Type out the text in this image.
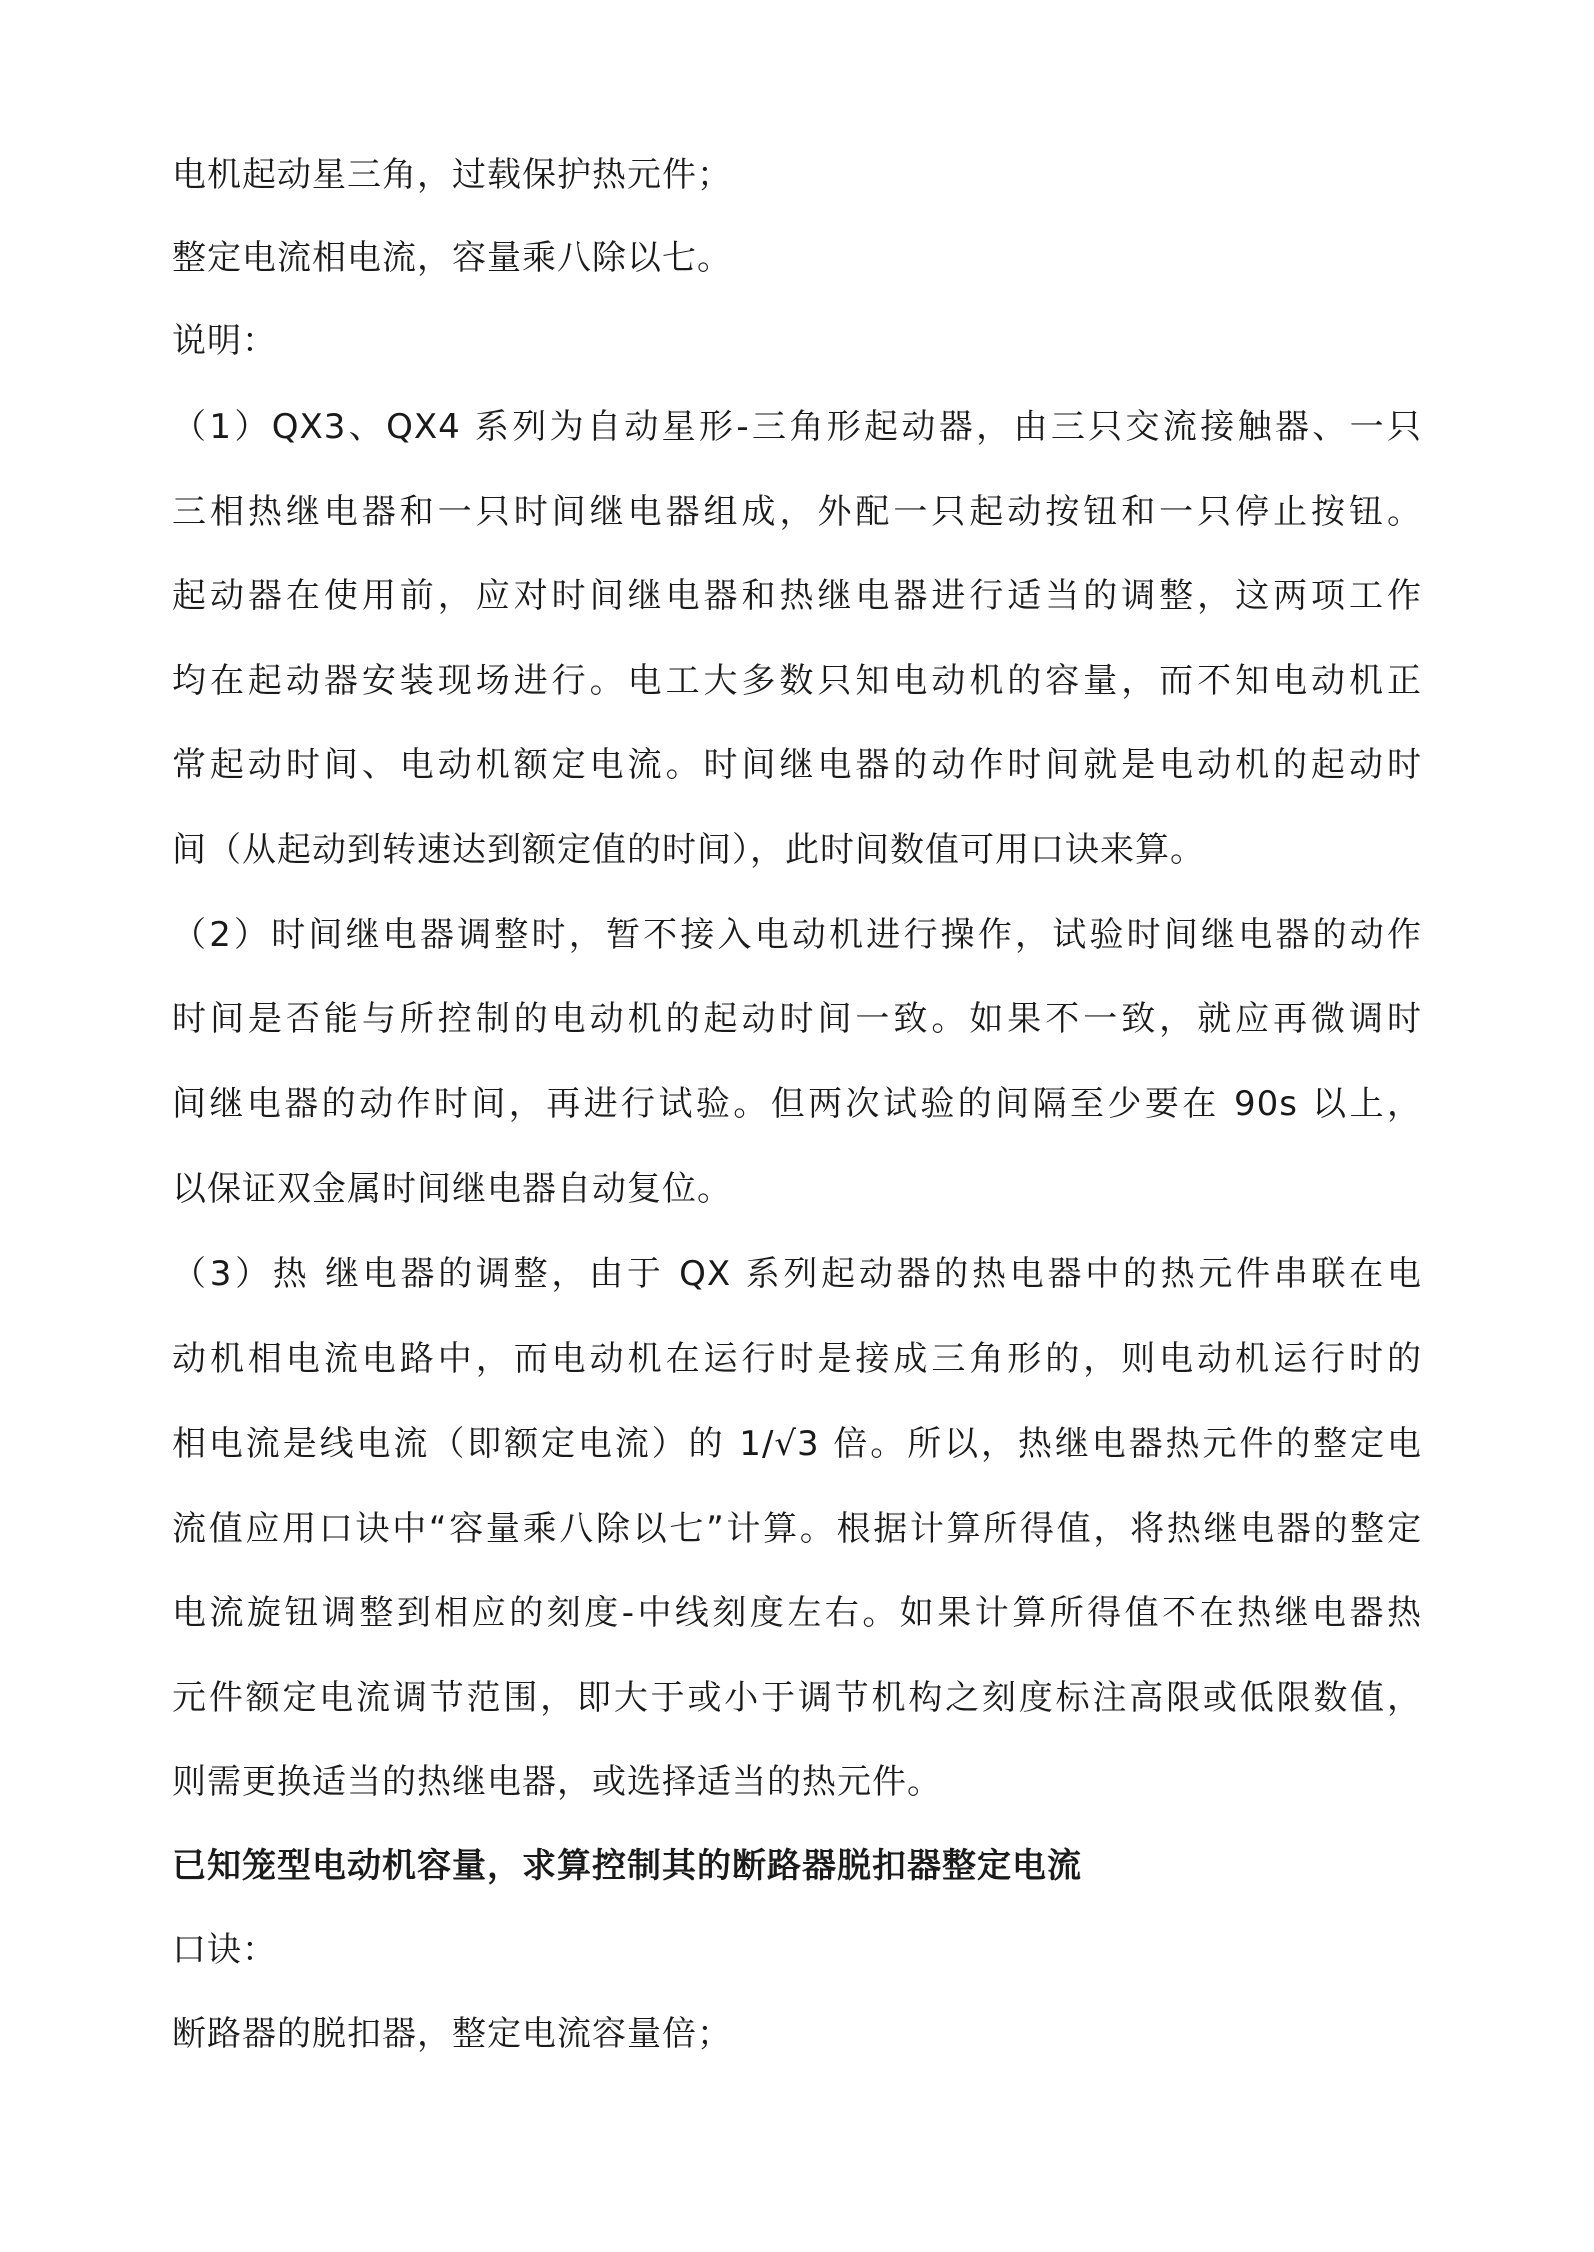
电机起动星三角，过载保护热元件；
整定电流相电流，容量乘八除以七。
说明：
（1）QX3、QX4 系列为自动星形-三角形起动器，由三只交流接触器、一只
三相热继电器和一只时间继电器组成，外配一只起动按钮和一只停止按钮。
起动器在使用前，应对时间继电器和热继电器进行适当的调整，这两项工作
均在起动器安装现场进行。电工大多数只知电动机的容量，而不知电动机正
常起动时间、电动机额定电流。时间继电器的动作时间就是电动机的起动时
间（从起动到转速达到额定值的时间），此时间数值可用口诀来算。
（2）时间继电器调整时，暂不接入电动机进行操作，试验时间继电器的动作
时间是否能与所控制的电动机的起动时间一致。如果不一致，就应再微调时
间继电器的动作时间，再进行试验。但两次试验的间隔至少要在 90s 以上，
以保证双金属时间继电器自动复位。
（3）热 继电器的调整，由于 QX 系列起动器的热电器中的热元件串联在电
动机相电流电路中，而电动机在运行时是接成三角形的，则电动机运行时的
相电流是线电流（即额定电流）的 1/√3 倍。所以，热继电器热元件的整定电
流值应用口诀中“容量乘八除以七”计算。根据计算所得值，将热继电器的整定
电流旋钮调整到相应的刻度-中线刻度左右。如果计算所得值不在热继电器热
元件额定电流调节范围，即大于或小于调节机构之刻度标注高限或低限数值，
则需更换适当的热继电器，或选择适当的热元件。
已知笼型电动机容量，求算控制其的断路器脱扣器整定电流
口诀：
断路器的脱扣器，整定电流容量倍；
